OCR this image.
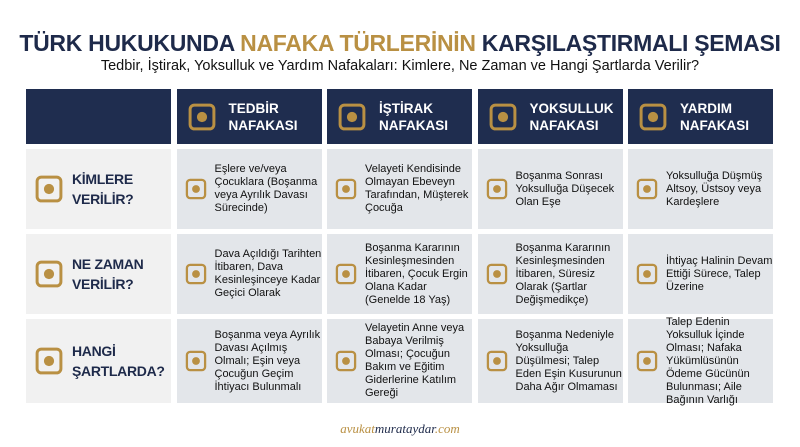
TÜRK HUKUKUNDA NAFAKA TÜRLERİNİN KARŞILAŞTIRMALI ŞEMASI
Tedbir, İştirak, Yoksulluk ve Yardım Nafakaları: Kimlere, Ne Zaman ve Hangi Şartlarda Verilir?
TEDBİR
NAFAKASI
İŞTİRAK
NAFAKASI
YOKSULLUK
NAFAKASI
YARDIM
NAFAKASI
KİMLERE
VERİLİR?
Eşlere ve/veya Çocuklara (Boşanma veya Ayrılık Davası Sürecinde)
Velayeti Kendisinde Olmayan Ebeveyn Tarafından, Müşterek Çocuğa
Boşanma Sonrası Yoksulluğa Düşecek Olan Eşe
Yoksulluğa Düşmüş Altsoy, Üstsoy veya Kardeşlere
NE ZAMAN
VERİLİR?
Dava Açıldığı Tarihten İtibaren, Dava Kesinleşinceye Kadar Geçici Olarak
Boşanma Kararının Kesinleşmesinden İtibaren, Çocuk Ergin Olana Kadar (Genelde 18 Yaş)
Boşanma Kararının Kesinleşmesinden İtibaren, Süresiz Olarak (Şartlar Değişmedikçe)
İhtiyaç Halinin Devam Ettiği Sürece, Talep Üzerine
HANGİ
ŞARTLARDA?
Boşanma veya Ayrılık Davası Açılmış Olmalı; Eşin veya Çocuğun Geçim İhtiyacı Bulunmalı
Velayetin Anne veya Babaya Verilmiş Olması; Çocuğun Bakım ve Eğitim Giderlerine Katılım Gereği
Boşanma Nedeniyle Yoksulluğa Düşülmesi; Talep Eden Eşin Kusurunun Daha Ağır Olmaması
Talep Edenin Yoksulluk İçinde Olması; Nafaka Yükümlüsünün Ödeme Gücünün Bulunması; Aile Bağının Varlığı
avukatmurataydar.com
